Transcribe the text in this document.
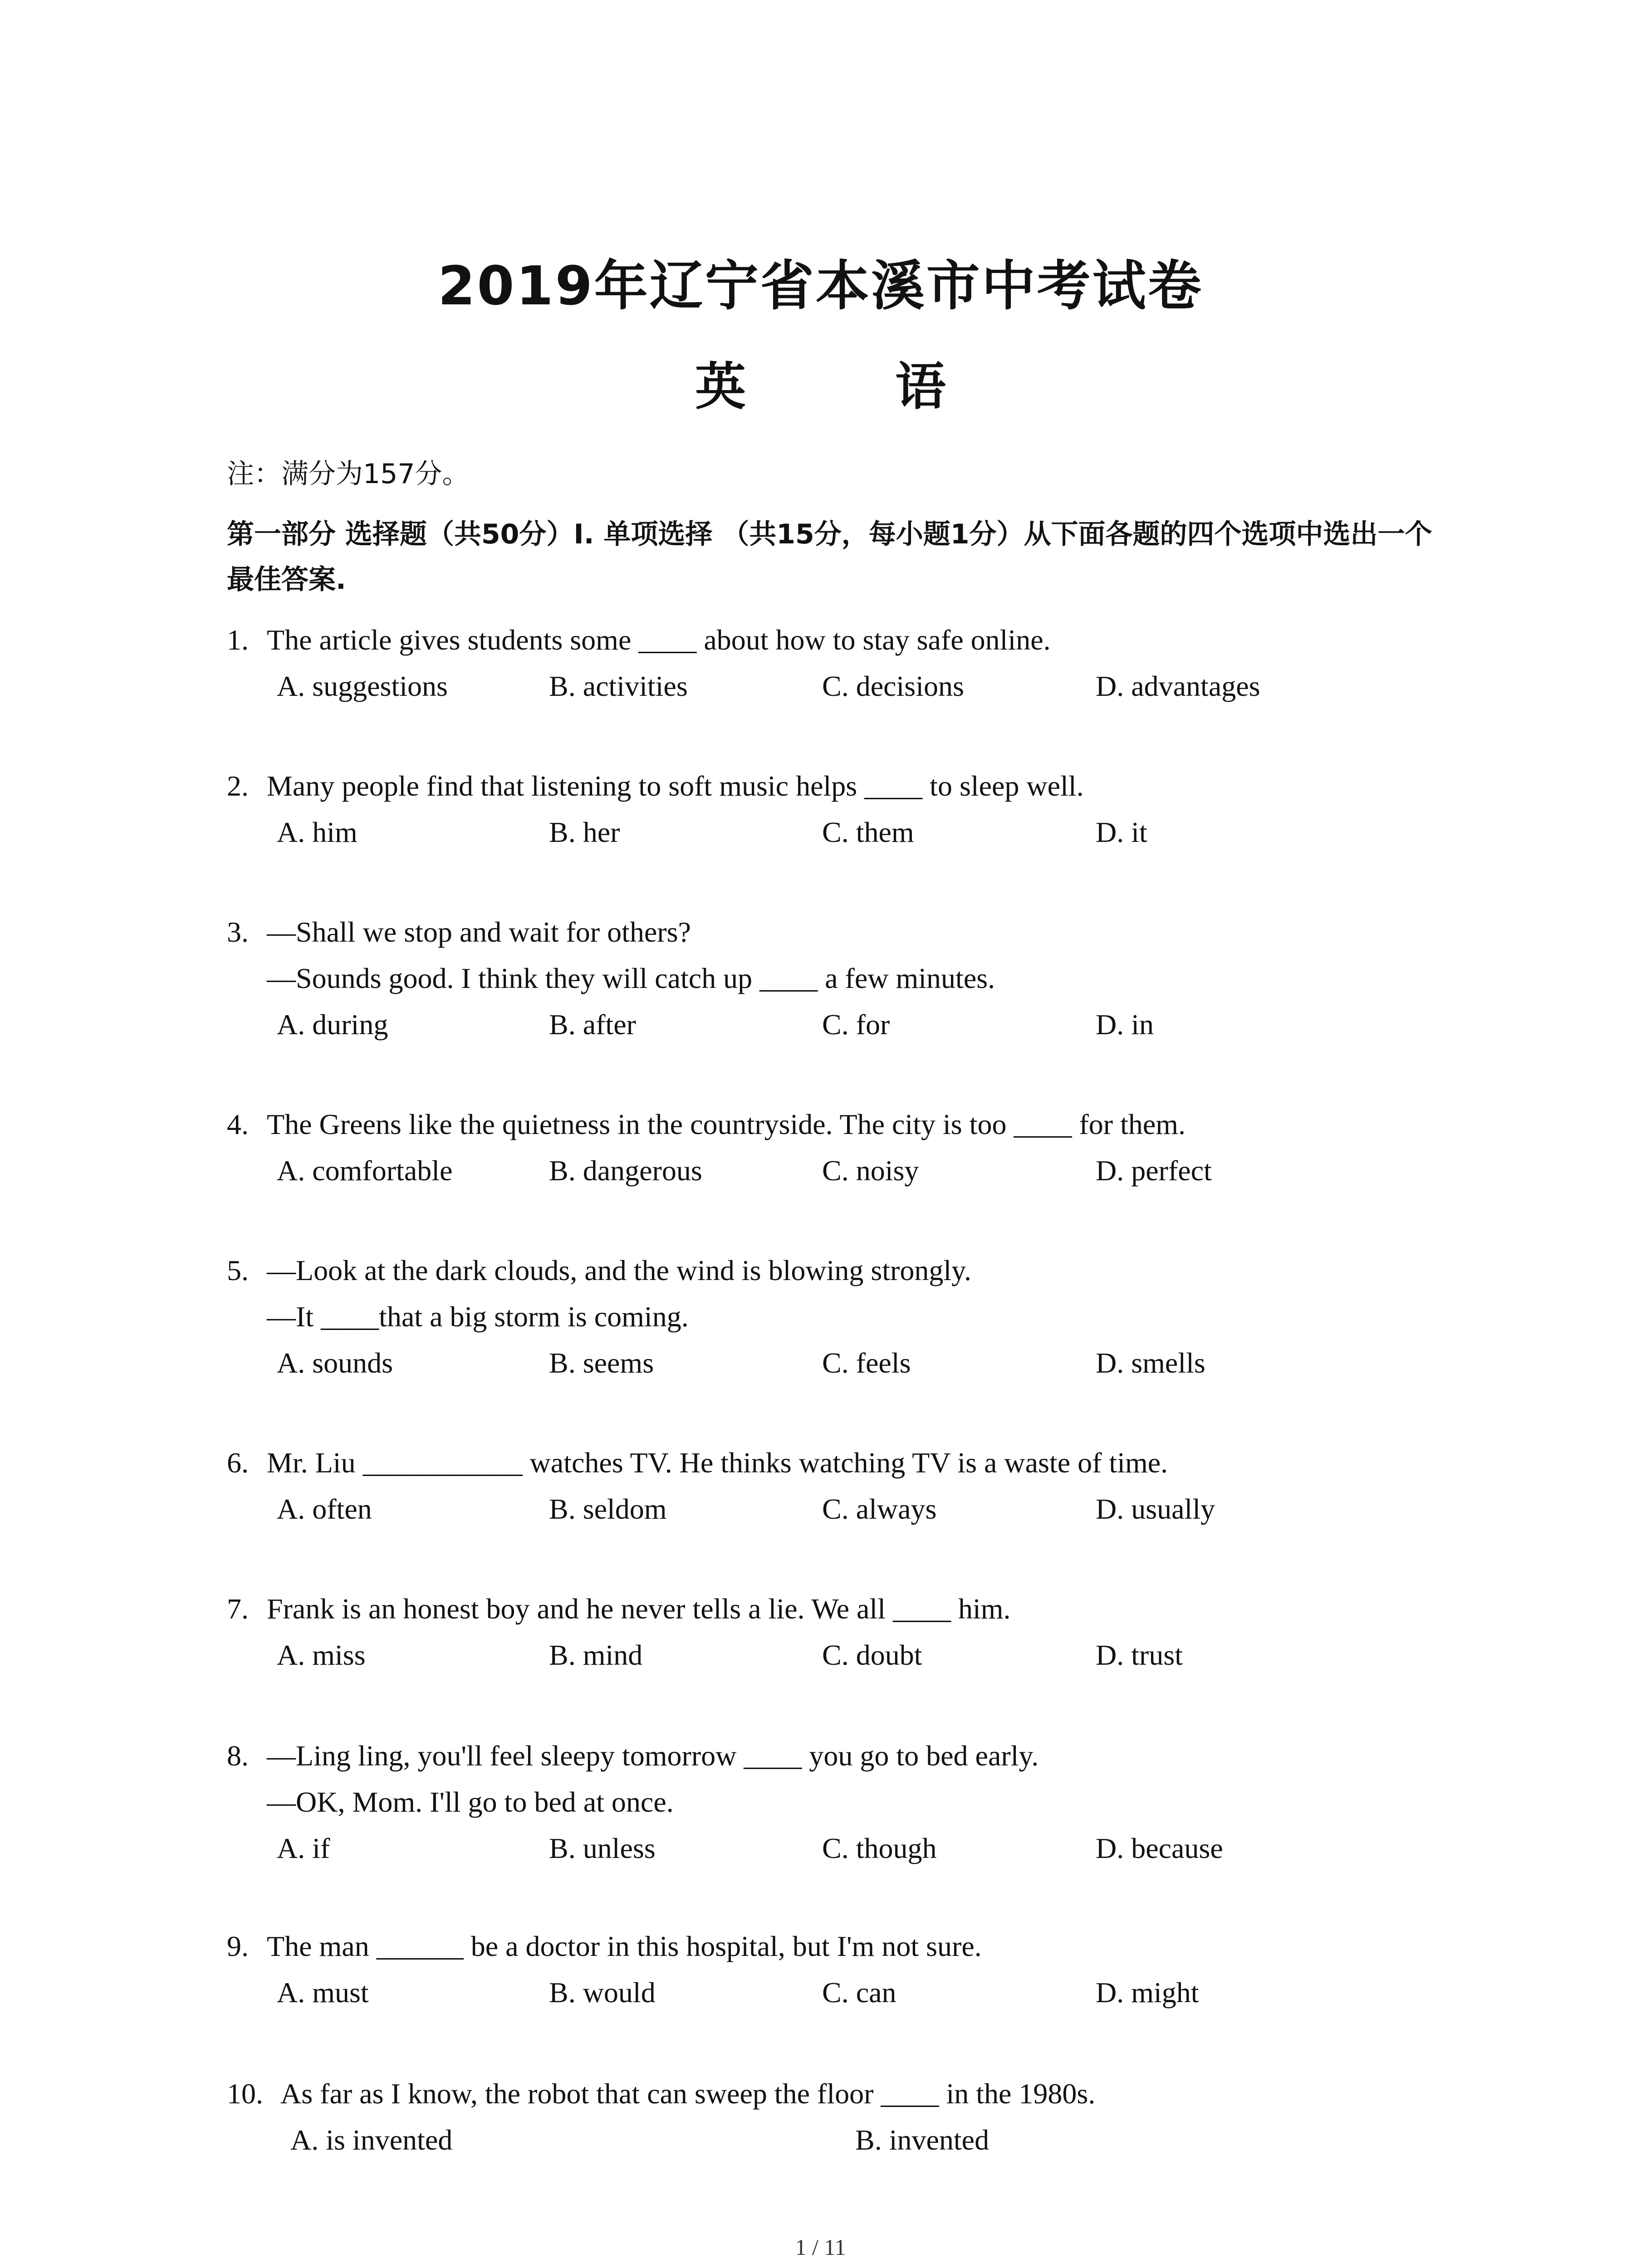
2019年辽宁省本溪市中考试卷
英 语
注：满分为157分。
第一部分 选择题（共50分）Ⅰ. 单项选择 （共15分，每小题1分）从下面各题的四个选项中选出一个最佳答案.
1. The article gives students some ____ about how to stay safe online.
A. suggestions	B. activities	C. decisions	D. advantages
2. Many people find that listening to soft music helps ____ to sleep well.
A. him	B. her	C. them	D. it
3. —Shall we stop and wait for others?
—Sounds good. I think they will catch up ____ a few minutes.
A. during	B. after	C. for	D. in
4. The Greens like the quietness in the countryside. The city is too ____ for them.
A. comfortable	B. dangerous	C. noisy	D. perfect
5. —Look at the dark clouds, and the wind is blowing strongly.
—It ____that a big storm is coming.
A. sounds	B. seems	C. feels	D. smells
6. Mr. Liu ___________ watches TV. He thinks watching TV is a waste of time.
A. often	B. seldom	C. always	D. usually
7. Frank is an honest boy and he never tells a lie. We all ____ him.
A. miss	B. mind	C. doubt	D. trust
8. —Ling ling, you'll feel sleepy tomorrow ____ you go to bed early.
—OK, Mom. I'll go to bed at once.
A. if	B. unless	C. though	D. because
9. The man ______ be a doctor in this hospital, but I'm not sure.
A. must	B. would	C. can	D. might
10. As far as I know, the robot that can sweep the floor ____ in the 1980s.
A. is invented	B. invented
1 / 11
